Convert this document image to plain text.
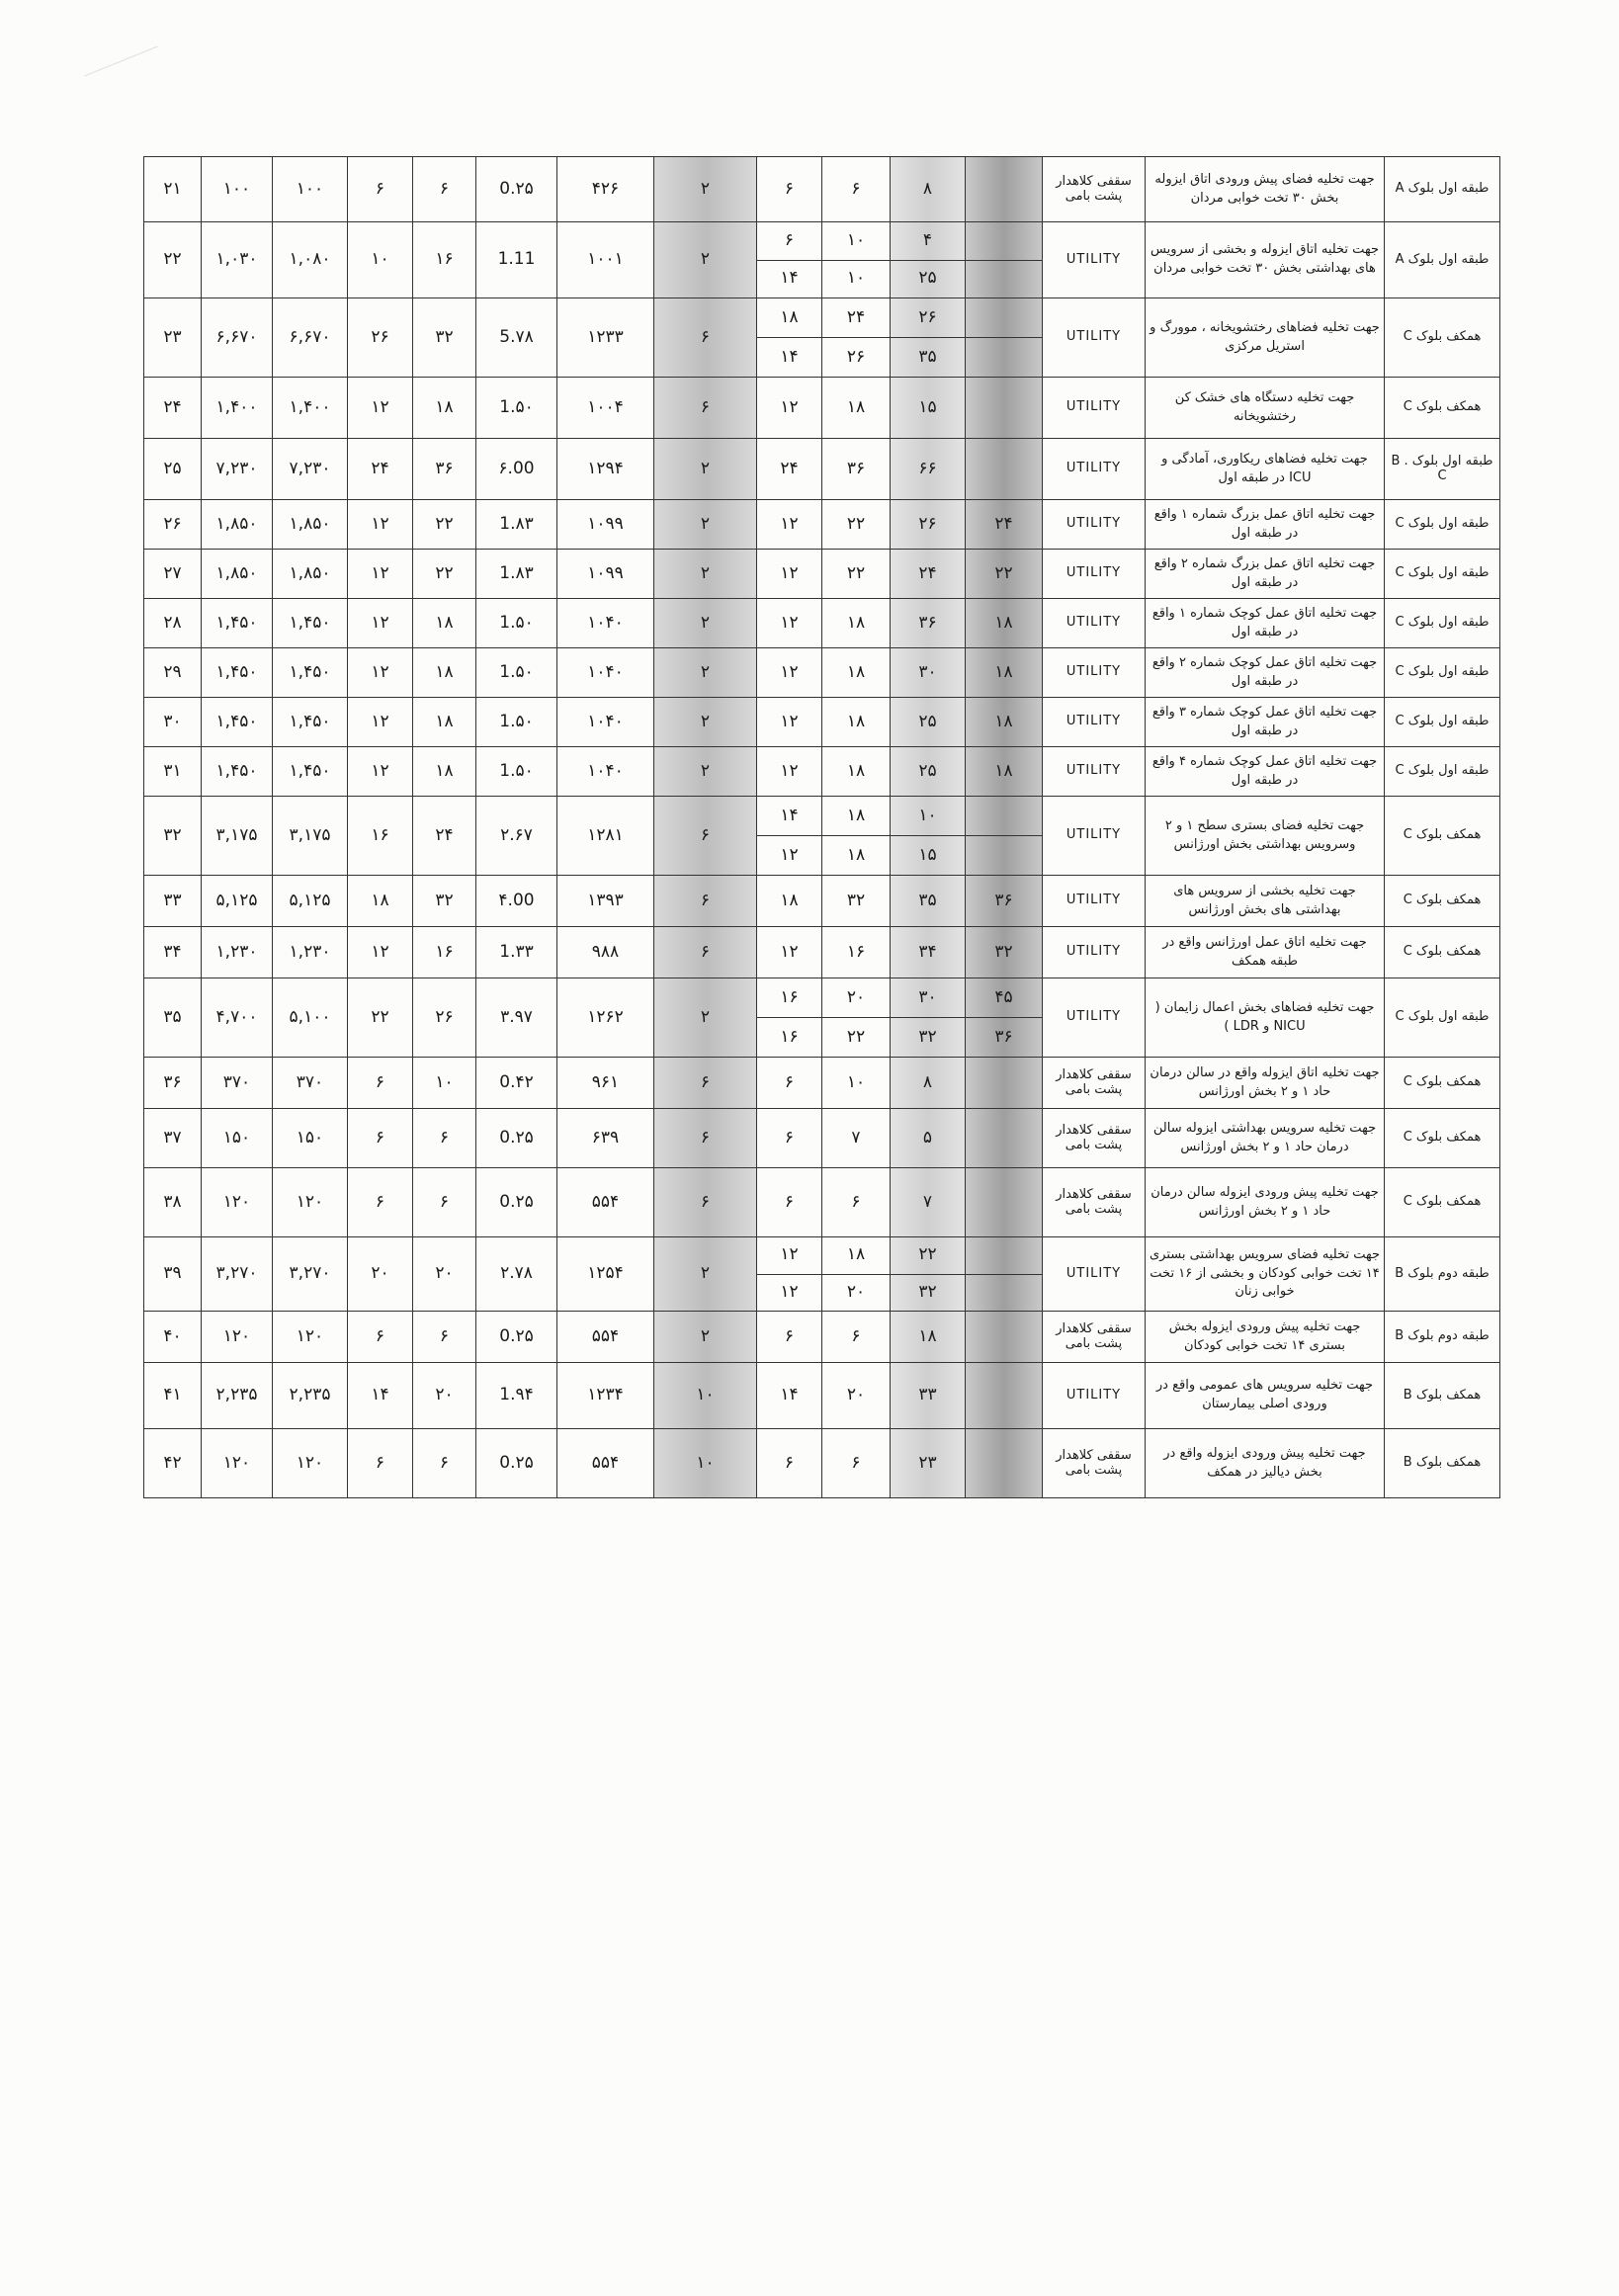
۲۱	۱۰۰	۱۰۰	۶	۶	0.۲۵	۴۲۶	۲	۶	۶	۸		سقفی کلاهدار پشت بامی	جهت تخلیه فضای پیش ورودی اتاق ایزوله بخش ۳۰ تخت خوابی مردان	طبقه اول بلوک A
۲۲	۱,۰۳۰	۱,۰۸۰	۱۰	۱۶	1.11	۱۰۰۱	۲	۶	۱۰	۴		UTILITY	جهت تخلیه اتاق ایزوله و بخشی از سرویس های بهداشتی بخش ۳۰ تخت خوابی مردان	طبقه اول بلوک A
								۱۴	۱۰	۲۵				
۲۳	۶,۶۷۰	۶,۶۷۰	۲۶	۳۲	5.۷۸	۱۲۳۳	۶	۱۸	۲۴	۲۶		UTILITY	جهت تخلیه فضاهای رختشویخانه ، موورگ و استریل مرکزی	همکف بلوک C
								۱۴	۲۶	۳۵				
۲۴	۱,۴۰۰	۱,۴۰۰	۱۲	۱۸	1.۵۰	۱۰۰۴	۶	۱۲	۱۸	۱۵		UTILITY	جهت تخلیه دستگاه های خشک کن رختشویخانه	همکف بلوک C
۲۵	۷,۲۳۰	۷,۲۳۰	۲۴	۳۶	۶.00	۱۲۹۴	۲	۲۴	۳۶	۶۶		UTILITY	جهت تخلیه فضاهای ریکاوری، آمادگی و ICU در طبقه اول	طبقه اول بلوک B . C
۲۶	۱,۸۵۰	۱,۸۵۰	۱۲	۲۲	1.۸۳	۱۰۹۹	۲	۱۲	۲۲	۲۶	۲۴	UTILITY	جهت تخلیه اتاق عمل بزرگ شماره ۱ واقع در طبقه اول	طبقه اول بلوک C
۲۷	۱,۸۵۰	۱,۸۵۰	۱۲	۲۲	1.۸۳	۱۰۹۹	۲	۱۲	۲۲	۲۴	۲۲	UTILITY	جهت تخلیه اتاق عمل بزرگ شماره ۲ واقع در طبقه اول	طبقه اول بلوک C
۲۸	۱,۴۵۰	۱,۴۵۰	۱۲	۱۸	1.۵۰	۱۰۴۰	۲	۱۲	۱۸	۳۶	۱۸	UTILITY	جهت تخلیه اتاق عمل کوچک شماره ۱ واقع در طبقه اول	طبقه اول بلوک C
۲۹	۱,۴۵۰	۱,۴۵۰	۱۲	۱۸	1.۵۰	۱۰۴۰	۲	۱۲	۱۸	۳۰	۱۸	UTILITY	جهت تخلیه اتاق عمل کوچک شماره ۲ واقع در طبقه اول	طبقه اول بلوک C
۳۰	۱,۴۵۰	۱,۴۵۰	۱۲	۱۸	1.۵۰	۱۰۴۰	۲	۱۲	۱۸	۲۵	۱۸	UTILITY	جهت تخلیه اتاق عمل کوچک شماره ۳ واقع در طبقه اول	طبقه اول بلوک C
۳۱	۱,۴۵۰	۱,۴۵۰	۱۲	۱۸	1.۵۰	۱۰۴۰	۲	۱۲	۱۸	۲۵	۱۸	UTILITY	جهت تخلیه اتاق عمل کوچک شماره ۴ واقع در طبقه اول	طبقه اول بلوک C
۳۲	۳,۱۷۵	۳,۱۷۵	۱۶	۲۴	۲.۶۷	۱۲۸۱	۶	۱۴	۱۸	۱۰		UTILITY	جهت تخلیه فضای بستری سطح ۱ و ۲ وسرویس بهداشتی بخش اورژانس	همکف بلوک C
								۱۲	۱۸	۱۵				
۳۳	۵,۱۲۵	۵,۱۲۵	۱۸	۳۲	۴.00	۱۳۹۳	۶	۱۸	۳۲	۳۵	۳۶	UTILITY	جهت تخلیه بخشی از سرویس های بهداشتی های بخش اورژانس	همکف بلوک C
۳۴	۱,۲۳۰	۱,۲۳۰	۱۲	۱۶	1.۳۳	۹۸۸	۶	۱۲	۱۶	۳۴	۳۲	UTILITY	جهت تخلیه اتاق عمل اورژانس واقع در طبقه همکف	همکف بلوک C
۳۵	۴,۷۰۰	۵,۱۰۰	۲۲	۲۶	۳.۹۷	۱۲۶۲	۲	۱۶	۲۰	۳۰	۴۵	UTILITY	جهت تخلیه فضاهای بخش اعمال زایمان ( NICU و LDR )	طبقه اول بلوک C
								۱۶	۲۲	۳۲	۳۶			
۳۶	۳۷۰	۳۷۰	۶	۱۰	0.۴۲	۹۶۱	۶	۶	۱۰	۸		سقفی کلاهدار پشت بامی	جهت تخلیه اتاق ایزوله واقع در سالن درمان حاد ۱ و ۲ بخش اورژانس	همکف بلوک C
۳۷	۱۵۰	۱۵۰	۶	۶	0.۲۵	۶۳۹	۶	۶	۷	۵		سقفی کلاهدار پشت بامی	جهت تخلیه سرویس بهداشتی ایزوله سالن درمان حاد ۱ و ۲ بخش اورژانس	همکف بلوک C
۳۸	۱۲۰	۱۲۰	۶	۶	0.۲۵	۵۵۴	۶	۶	۶	۷		سقفی کلاهدار پشت بامی	جهت تخلیه پیش ورودی ایزوله سالن درمان حاد ۱ و ۲ بخش اورژانس	همکف بلوک C
۳۹	۳,۲۷۰	۳,۲۷۰	۲۰	۲۰	۲.۷۸	۱۲۵۴	۲	۱۲	۱۸	۲۲		UTILITY	جهت تخلیه فضای سرویس بهداشتی بستری ۱۴ تخت خوابی کودکان و بخشی از ۱۶ تخت خوابی زنان	طبقه دوم بلوک B
								۱۲	۲۰	۳۲				
۴۰	۱۲۰	۱۲۰	۶	۶	0.۲۵	۵۵۴	۲	۶	۶	۱۸		سقفی کلاهدار پشت بامی	جهت تخلیه پیش ورودی ایزوله بخش بستری ۱۴ تخت خوابی کودکان	طبقه دوم بلوک B
۴۱	۲,۲۳۵	۲,۲۳۵	۱۴	۲۰	1.۹۴	۱۲۳۴	۱۰	۱۴	۲۰	۳۳		UTILITY	جهت تخلیه سرویس های عمومی واقع در ورودی اصلی بیمارستان	همکف بلوک B
۴۲	۱۲۰	۱۲۰	۶	۶	0.۲۵	۵۵۴	۱۰	۶	۶	۲۳		سقفی کلاهدار پشت بامی	جهت تخلیه پیش ورودی ایزوله واقع در بخش دیالیز در همکف	همکف بلوک B
